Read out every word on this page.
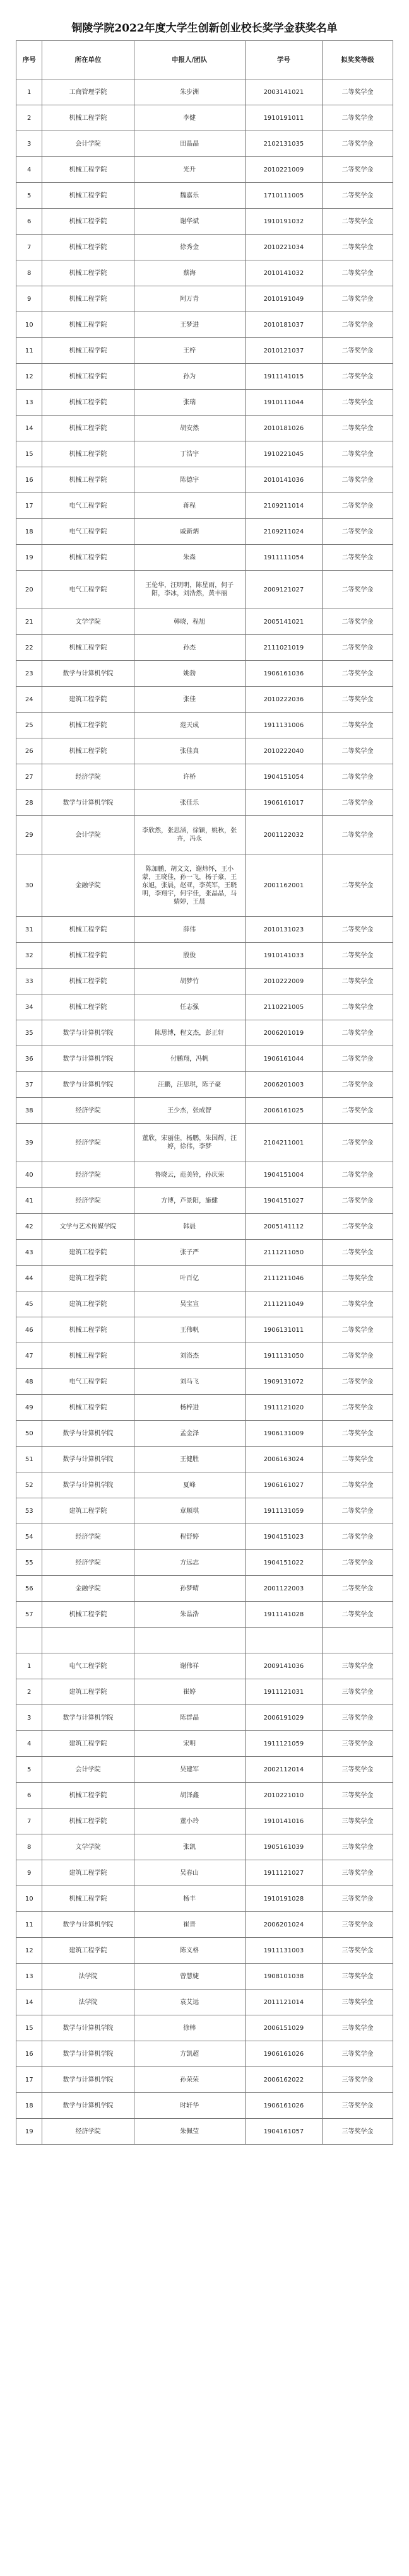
铜陵学院2022年度大学生创新创业校长奖学金获奖名单
序号	所在单位	申报人/团队	学号	拟奖奖等级
1	工商管理学院	朱步洲	2003141021	二等奖学金
2	机械工程学院	李健	1910191011	二等奖学金
3	会计学院	田晶晶	2102131035	二等奖学金
4	机械工程学院	光升	2010221009	二等奖学金
5	机械工程学院	魏嘉乐	1710111005	二等奖学金
6	机械工程学院	谢华斌	1910191032	二等奖学金
7	机械工程学院	徐秀金	2010221034	二等奖学金
8	机械工程学院	蔡海	2010141032	二等奖学金
9	机械工程学院	阿万青	2010191049	二等奖学金
10	机械工程学院	王梦进	2010181037	二等奖学金
11	机械工程学院	王梓	2010121037	二等奖学金
12	机械工程学院	孙为	1911141015	二等奖学金
13	机械工程学院	张瑞	1910111044	二等奖学金
14	机械工程学院	胡安然	2010181026	二等奖学金
15	机械工程学院	丁浩宇	1910221045	二等奖学金
16	机械工程学院	陈德宇	2010141036	二等奖学金
17	电气工程学院	蒋程	2109211014	二等奖学金
18	电气工程学院	戚新炳	2109211024	二等奖学金
19	机械工程学院	朱森	1911111054	二等奖学金
20	电气工程学院	王伦华，汪明明，陈星雨，何子阳，李冰，刘浩然，黄丰丽	2009121027	二等奖学金
21	文学学院	韩晓，程旭	2005141021	二等奖学金
22	机械工程学院	孙杰	2111021019	二等奖学金
23	数学与计算机学院	姚勃	1906161036	二等奖学金
24	建筑工程学院	张佳	2010222036	二等奖学金
25	机械工程学院	范天成	1911131006	二等奖学金
26	机械工程学院	张佳真	2010222040	二等奖学金
27	经济学院	许桥	1904151054	二等奖学金
28	数学与计算机学院	张佳乐	1906161017	二等奖学金
29	会计学院	李欣然，张思涵，徐颖，姚秋，张卉，冯永	2001122032	二等奖学金
30	金融学院	陈加鹏，胡文文，谢炜怀，王小蒙，王晓佳，孙一飞，杨子豪，王东旭，张晨，赵亚，李英军，王晓明，李翔宇，何宇佳，张晶晶，马婧婷，王晨	2001162001	二等奖学金
31	机械工程学院	薛伟	2010131023	二等奖学金
32	机械工程学院	殷俊	1910141033	二等奖学金
33	机械工程学院	胡梦竹	2010222009	二等奖学金
34	机械工程学院	任志强	2110221005	二等奖学金
35	数学与计算机学院	陈思博，程文杰，彭正轩	2006201019	二等奖学金
36	数学与计算机学院	付鹏翔，冯帆	1906161044	二等奖学金
37	数学与计算机学院	汪鹏，汪思琪，陈子豪	2006201003	二等奖学金
38	经济学院	王少杰，张成智	2006161025	二等奖学金
39	经济学院	董欣，宋丽佳，杨鹏，朱国辉，汪婷，徐伟，李梦	2104211001	二等奖学金
40	经济学院	鲁晓云，范美铃，孙庆荣	1904151004	二等奖学金
41	经济学院	方博，芦景阳，施健	1904151027	二等奖学金
42	文学与艺术传媒学院	韩晨	2005141112	二等奖学金
43	建筑工程学院	张子严	2111211050	二等奖学金
44	建筑工程学院	叶百亿	2111211046	二等奖学金
45	建筑工程学院	吴宝宣	2111211049	二等奖学金
46	机械工程学院	王伟帆	1906131011	二等奖学金
47	机械工程学院	刘洛杰	1911131050	二等奖学金
48	电气工程学院	刘马飞	1909131072	二等奖学金
49	机械工程学院	杨梓进	1911121020	二等奖学金
50	数学与计算机学院	孟金泽	1906131009	二等奖学金
51	数学与计算机学院	王健胜	2006163024	二等奖学金
52	数学与计算机学院	夏峰	1906161027	二等奖学金
53	建筑工程学院	章顺琪	1911131059	二等奖学金
54	经济学院	程舒婷	1904151023	二等奖学金
55	经济学院	方远志	1904151022	二等奖学金
56	金融学院	孙梦晴	2001122003	二等奖学金
57	机械工程学院	朱晶浩	1911141028	二等奖学金

1	电气工程学院	谢伟祥	2009141036	三等奖学金
2	建筑工程学院	崔婷	1911121031	三等奖学金
3	数学与计算机学院	陈群晶	2006191029	三等奖学金
4	建筑工程学院	宋明	1911121059	三等奖学金
5	会计学院	吴建军	2002112014	三等奖学金
6	机械工程学院	胡泽鑫	2010221010	三等奖学金
7	机械工程学院	董小玲	1910141016	三等奖学金
8	文学学院	张凯	1905161039	三等奖学金
9	建筑工程学院	吴春山	1911121027	三等奖学金
10	机械工程学院	杨丰	1910191028	三等奖学金
11	数学与计算机学院	崔晋	2006201024	三等奖学金
12	建筑工程学院	陈义格	1911131003	三等奖学金
13	法学院	曾慧婕	1908101038	三等奖学金
14	法学院	袁艾远	2011121014	三等奖学金
15	数学与计算机学院	徐韩	2006151029	三等奖学金
16	数学与计算机学院	方凯超	1906161026	三等奖学金
17	数学与计算机学院	孙荣荣	2006162022	三等奖学金
18	数学与计算机学院	时轩华	1906161026	三等奖学金
19	经济学院	朱佩莹	1904161057	三等奖学金
